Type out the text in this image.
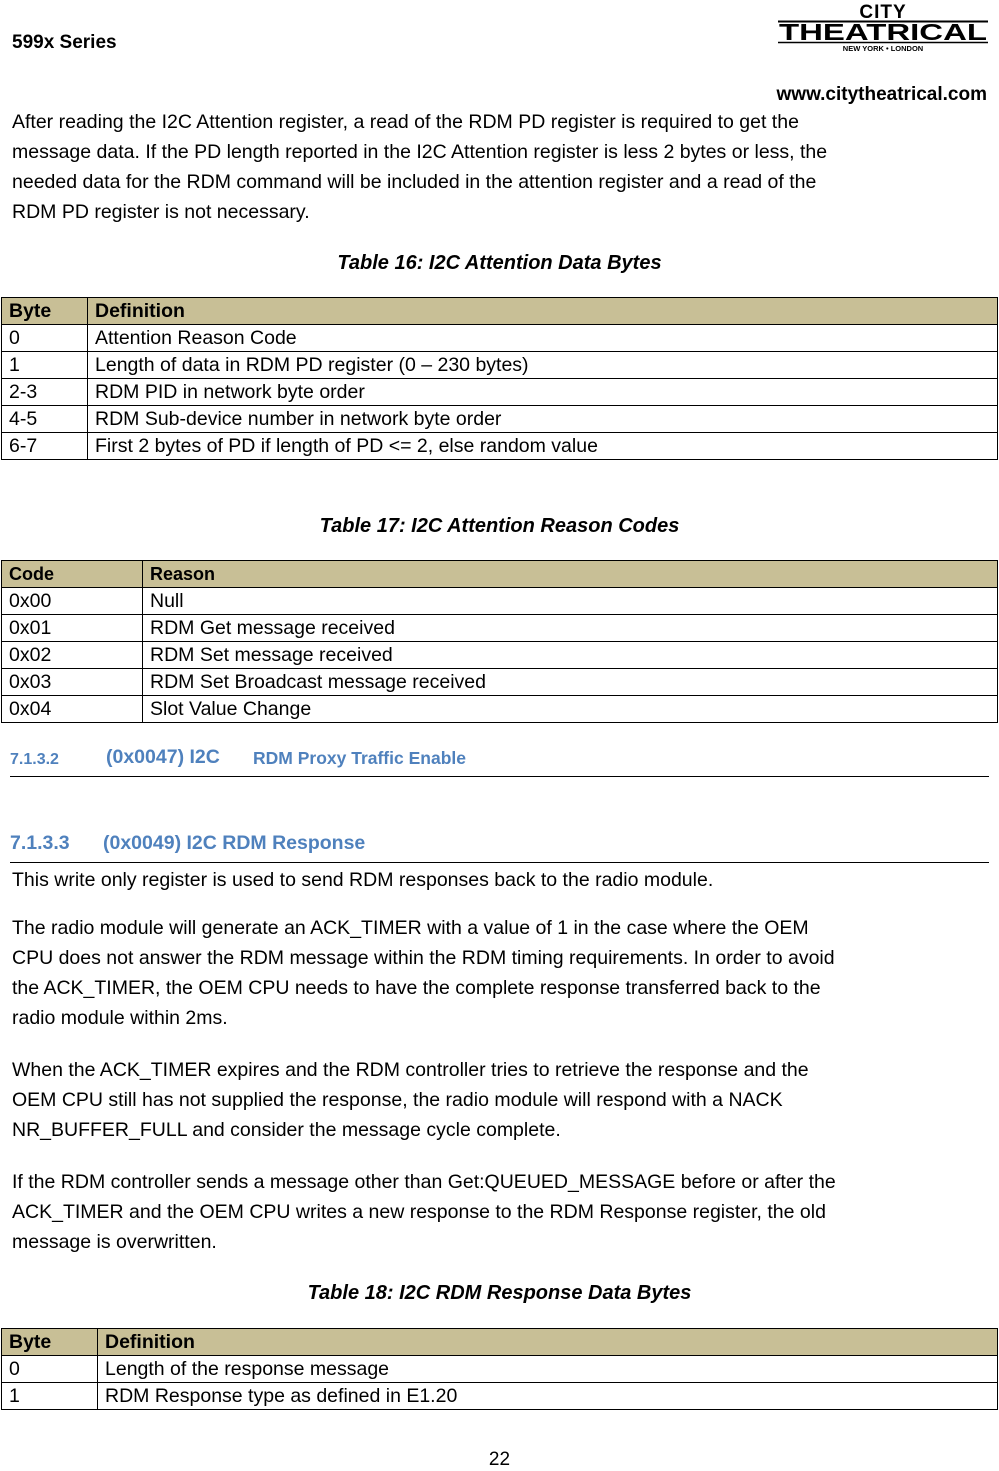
599x Series
CITY
THEATRICAL
NEW YORK • LONDON
www.citytheatrical.com
After reading the I2C Attention register, a read of the RDM PD register is required to get the
message data. If the PD length reported in the I2C Attention register is less 2 bytes or less, the
needed data for the RDM command will be included in the attention register and a read of the
RDM PD register is not necessary.
Table 16: I2C Attention Data Bytes
Byte	Definition
0	Attention Reason Code
1	Length of data in RDM PD register (0 – 230 bytes)
2-3	RDM PID in network byte order
4-5	RDM Sub-device number in network byte order
6-7	First 2 bytes of PD if length of PD <= 2, else random value
Table 17: I2C Attention Reason Codes
Code	Reason
0x00	Null
0x01	RDM Get message received
0x02	RDM Set message received
0x03	RDM Set Broadcast message received
0x04	Slot Value Change
7.1.3.2 (0x0047) I2C RDM Proxy Traffic Enable
7.1.3.3 (0x0049) I2C RDM Response
This write only register is used to send RDM responses back to the radio module.
The radio module will generate an ACK_TIMER with a value of 1 in the case where the OEM
CPU does not answer the RDM message within the RDM timing requirements. In order to avoid
the ACK_TIMER, the OEM CPU needs to have the complete response transferred back to the
radio module within 2ms.
When the ACK_TIMER expires and the RDM controller tries to retrieve the response and the
OEM CPU still has not supplied the response, the radio module will respond with a NACK
NR_BUFFER_FULL and consider the message cycle complete.
If the RDM controller sends a message other than Get:QUEUED_MESSAGE before or after the
ACK_TIMER and the OEM CPU writes a new response to the RDM Response register, the old
message is overwritten.
Table 18: I2C RDM Response Data Bytes
Byte	Definition
0	Length of the response message
1	RDM Response type as defined in E1.20
22
